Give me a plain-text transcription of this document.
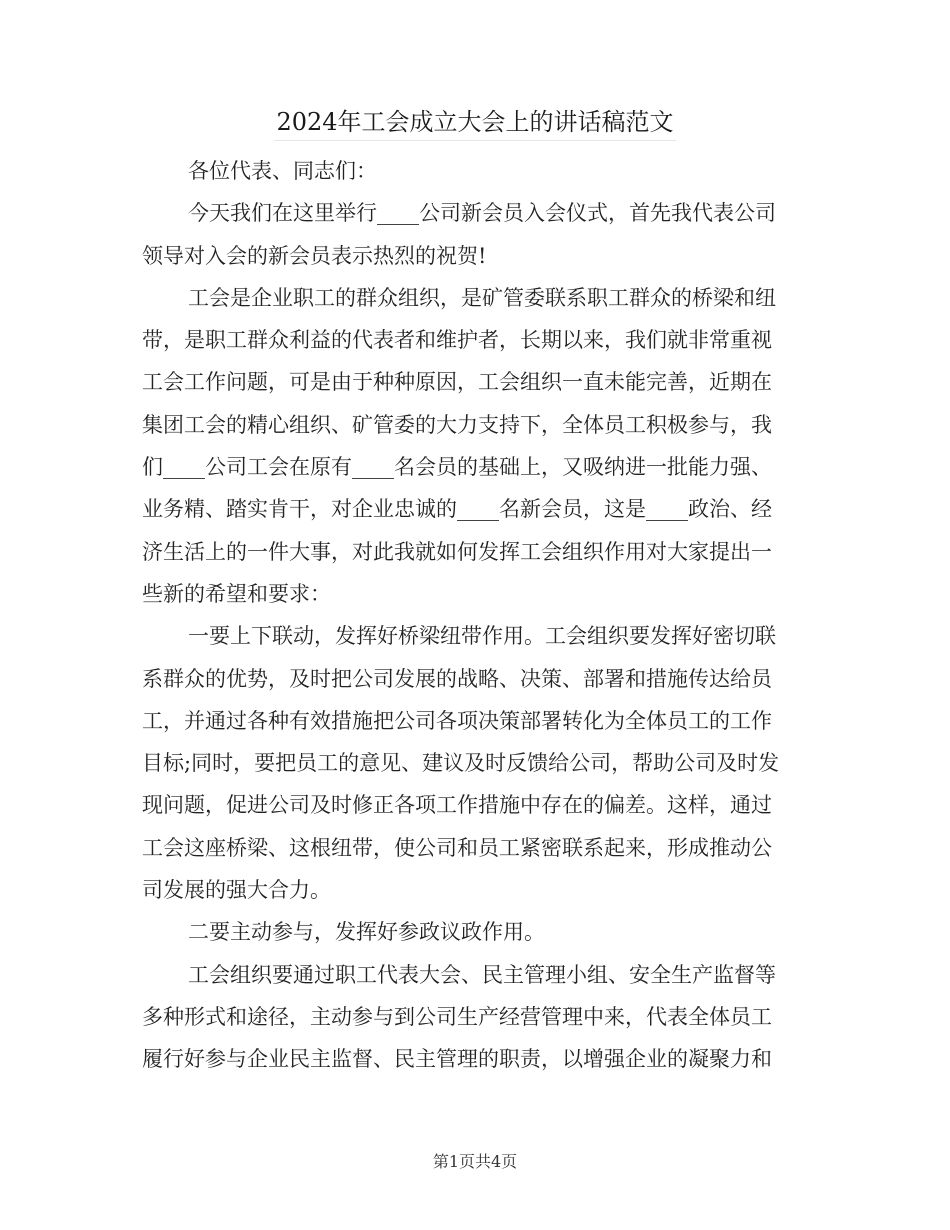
2024年工会成立大会上的讲话稿范文
各位代表、同志们：
今天我们在这里举行____公司新会员入会仪式，首先我代表公司
领导对入会的新会员表示热烈的祝贺!
工会是企业职工的群众组织，是矿管委联系职工群众的桥梁和纽
带，是职工群众利益的代表者和维护者，长期以来，我们就非常重视
工会工作问题，可是由于种种原因，工会组织一直未能完善，近期在
集团工会的精心组织、矿管委的大力支持下，全体员工积极参与，我
们____公司工会在原有____名会员的基础上，又吸纳进一批能力强、
业务精、踏实肯干，对企业忠诚的____名新会员，这是____政治、经
济生活上的一件大事，对此我就如何发挥工会组织作用对大家提出一
些新的希望和要求：
一要上下联动，发挥好桥梁纽带作用。工会组织要发挥好密切联
系群众的优势，及时把公司发展的战略、决策、部署和措施传达给员
工，并通过各种有效措施把公司各项决策部署转化为全体员工的工作
目标;同时，要把员工的意见、建议及时反馈给公司，帮助公司及时发
现问题，促进公司及时修正各项工作措施中存在的偏差。这样，通过
工会这座桥梁、这根纽带，使公司和员工紧密联系起来，形成推动公
司发展的强大合力。
二要主动参与，发挥好参政议政作用。
工会组织要通过职工代表大会、民主管理小组、安全生产监督等
多种形式和途径，主动参与到公司生产经营管理中来，代表全体员工
履行好参与企业民主监督、民主管理的职责，以增强企业的凝聚力和
第1页共4页
